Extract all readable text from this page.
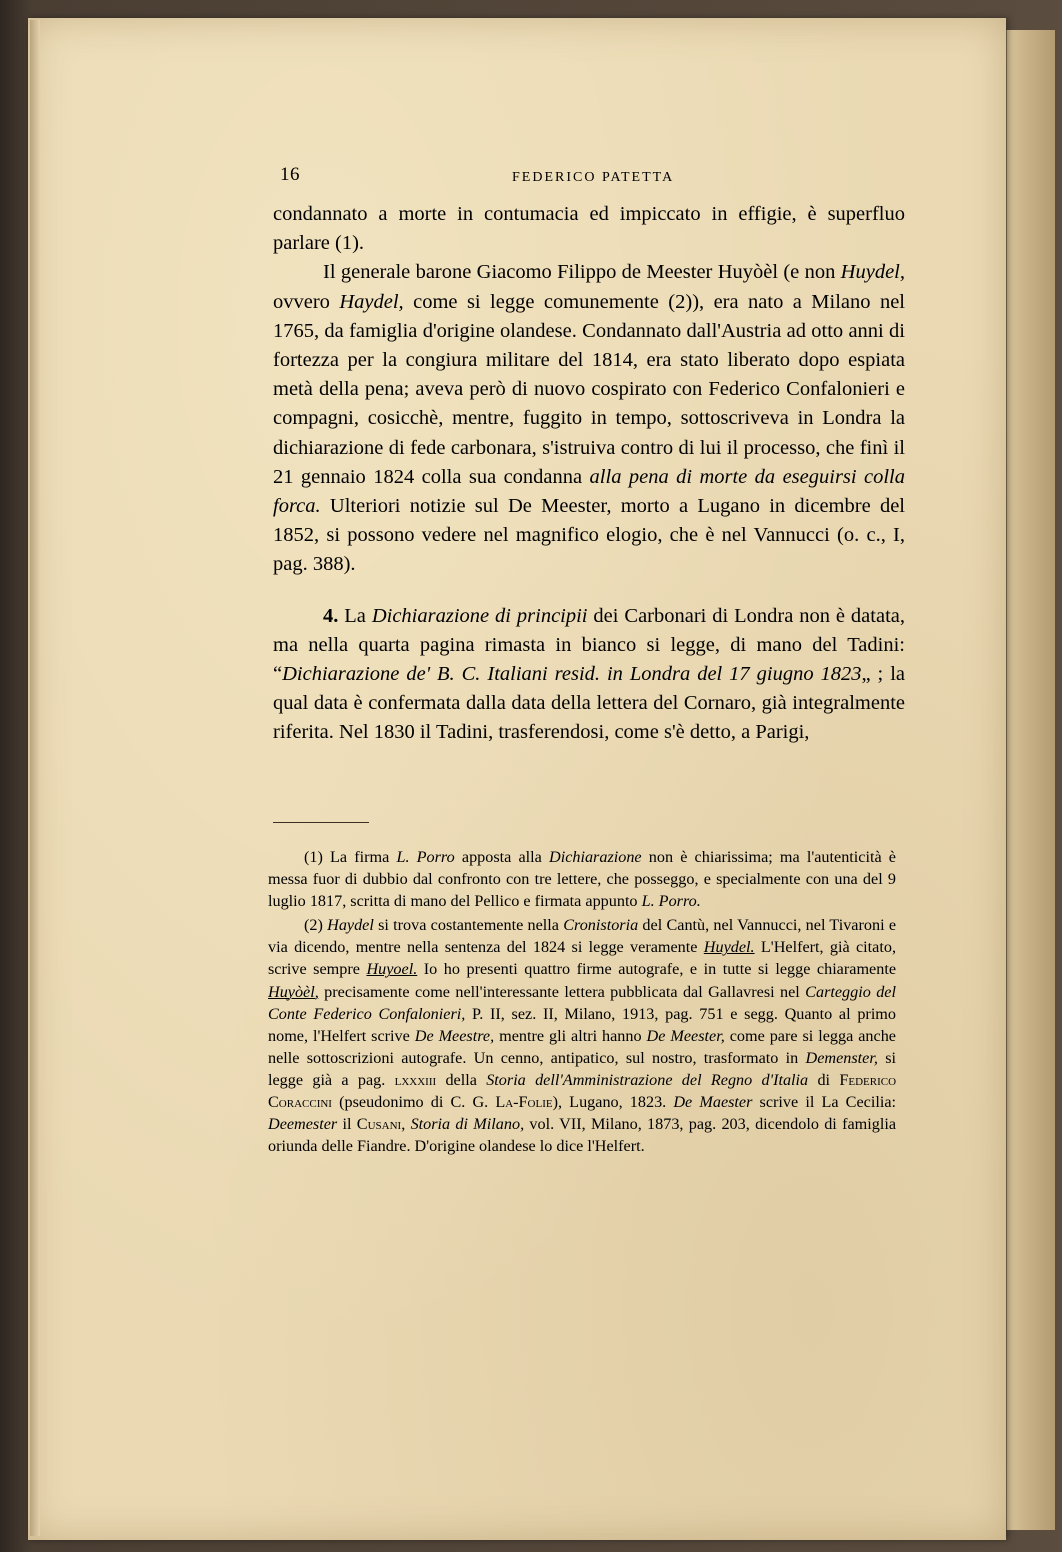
16	FEDERICO PATETTA

condannato a morte in contumacia ed impiccato in effigie, è superfluo parlare (1).

Il generale barone Giacomo Filippo de Meester Huyòèl (e non Huydel, ovvero Haydel, come si legge comunemente (2)), era nato a Milano nel 1765, da famiglia d'origine olandese. Condannato dall'Austria ad otto anni di fortezza per la congiura militare del 1814, era stato liberato dopo espiata metà della pena; aveva però di nuovo cospirato con Federico Confalonieri e compagni, cosicchè, mentre, fuggito in tempo, sottoscriveva in Londra la dichiarazione di fede carbonara, s'istruiva contro di lui il processo, che finì il 21 gennaio 1824 colla sua condanna alla pena di morte da eseguirsi colla forca. Ulteriori notizie sul De Meester, morto a Lugano in dicembre del 1852, si possono vedere nel magnifico elogio, che è nel Vannucci (o. c., I, pag. 388).

4. La Dichiarazione di principii dei Carbonari di Londra non è datata, ma nella quarta pagina rimasta in bianco si legge, di mano del Tadini: “Dichiarazione de' B. C. Italiani resid. in Londra del 17 giugno 1823„ ; la qual data è confermata dalla data della lettera del Cornaro, già integralmente riferita. Nel 1830 il Tadini, trasferendosi, come s'è detto, a Parigi,

(1) La firma L. Porro apposta alla Dichiarazione non è chiarissima; ma l'autenticità è messa fuor di dubbio dal confronto con tre lettere, che posseggo, e specialmente con una del 9 luglio 1817, scritta di mano del Pellico e firmata appunto L. Porro.

(2) Haydel si trova costantemente nella Cronistoria del Cantù, nel Vannucci, nel Tivaroni e via dicendo, mentre nella sentenza del 1824 si legge veramente Huydel. L'Helfert, già citato, scrive sempre Huyoel. Io ho presenti quattro firme autografe, e in tutte si legge chiaramente Huyòèl, precisamente come nell'interessante lettera pubblicata dal Gallavresi nel Carteggio del Conte Federico Confalonieri, P. II, sez. II, Milano, 1913, pag. 751 e segg. Quanto al primo nome, l'Helfert scrive De Meestre, mentre gli altri hanno De Meester, come pare si legga anche nelle sottoscrizioni autografe. Un cenno, antipatico, sul nostro, trasformato in Demenster, si legge già a pag. lxxxiii della Storia dell'Amministrazione del Regno d'Italia di Federico Coraccini (pseudonimo di C. G. La-Folie), Lugano, 1823. De Maester scrive il La Cecilia: Deemester il Cusani, Storia di Milano, vol. VII, Milano, 1873, pag. 203, dicendolo di famiglia oriunda delle Fiandre. D'origine olandese lo dice l'Helfert.
